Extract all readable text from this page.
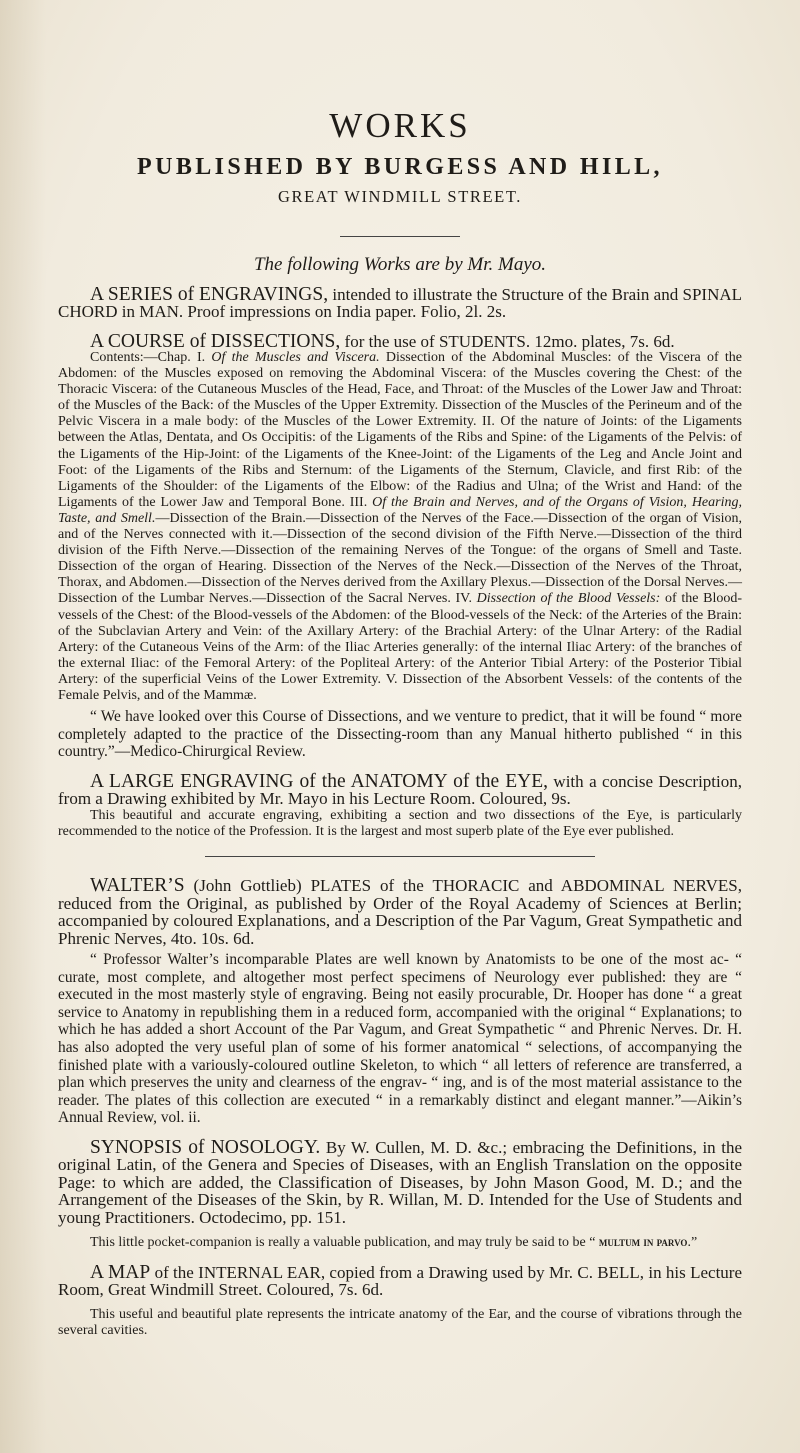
WORKS
PUBLISHED BY BURGESS AND HILL,
GREAT WINDMILL STREET.
The following Works are by Mr. Mayo.

A SERIES of ENGRAVINGS, intended to illustrate the Structure of the Brain and SPINAL CHORD in MAN. Proof impressions on India paper. Folio, 2l. 2s.

A COURSE of DISSECTIONS, for the use of STUDENTS. 12mo. plates, 7s. 6d.

Contents:—Chap. I. Of the Muscles and Viscera. Dissection of the Abdominal Muscles: of the Viscera of the Abdomen: of the Muscles exposed on removing the Abdominal Viscera: of the Muscles covering the Chest: of the Thoracic Viscera: of the Cutaneous Muscles of the Head, Face, and Throat: of the Muscles of the Lower Jaw and Throat: of the Muscles of the Back: of the Muscles of the Upper Extremity. Dissection of the Muscles of the Perineum and of the Pelvic Viscera in a male body: of the Muscles of the Lower Extremity. II. Of the nature of Joints: of the Ligaments between the Atlas, Dentata, and Os Occipitis: of the Ligaments of the Ribs and Spine: of the Ligaments of the Pelvis: of the Ligaments of the Hip-Joint: of the Ligaments of the Knee-Joint: of the Ligaments of the Leg and Ancle Joint and Foot: of the Ligaments of the Ribs and Sternum: of the Ligaments of the Sternum, Clavicle, and first Rib: of the Ligaments of the Shoulder: of the Ligaments of the Elbow: of the Radius and Ulna; of the Wrist and Hand: of the Ligaments of the Lower Jaw and Temporal Bone. III. Of the Brain and Nerves, and of the Organs of Vision, Hearing, Taste, and Smell.—Dissection of the Brain.—Dissection of the Nerves of the Face.—Dissection of the organ of Vision, and of the Nerves connected with it.—Dissection of the second division of the Fifth Nerve.—Dissection of the third division of the Fifth Nerve.—Dissection of the remaining Nerves of the Tongue: of the organs of Smell and Taste. Dissection of the organ of Hearing. Dissection of the Nerves of the Neck.—Dissection of the Nerves of the Throat, Thorax, and Abdomen.—Dissection of the Nerves derived from the Axillary Plexus.—Dissection of the Dorsal Nerves.—Dissection of the Lumbar Nerves.—Dissection of the Sacral Nerves. IV. Dissection of the Blood Vessels: of the Blood-vessels of the Chest: of the Blood-vessels of the Abdomen: of the Blood-vessels of the Neck: of the Arteries of the Brain: of the Subclavian Artery and Vein: of the Axillary Artery: of the Brachial Artery: of the Ulnar Artery: of the Radial Artery: of the Cutaneous Veins of the Arm: of the Iliac Arteries generally: of the internal Iliac Artery: of the branches of the external Iliac: of the Femoral Artery: of the Popliteal Artery: of the Anterior Tibial Artery: of the Posterior Tibial Artery: of the superficial Veins of the Lower Extremity. V. Dissection of the Absorbent Vessels: of the contents of the Female Pelvis, and of the Mammæ.

“ We have looked over this Course of Dissections, and we venture to predict, that it will be found “ more completely adapted to the practice of the Dissecting-room than any Manual hitherto published “ in this country.”—Medico-Chirurgical Review.

A LARGE ENGRAVING of the ANATOMY of the EYE, with a concise Description, from a Drawing exhibited by Mr. Mayo in his Lecture Room. Coloured, 9s.

This beautiful and accurate engraving, exhibiting a section and two dissections of the Eye, is particularly recommended to the notice of the Profession. It is the largest and most superb plate of the Eye ever published.

WALTER’S (John Gottlieb) PLATES of the THORACIC and ABDOMINAL NERVES, reduced from the Original, as published by Order of the Royal Academy of Sciences at Berlin; accompanied by coloured Explanations, and a Description of the Par Vagum, Great Sympathetic and Phrenic Nerves, 4to. 10s. 6d.

“ Professor Walter’s incomparable Plates are well known by Anatomists to be one of the most ac- “ curate, most complete, and altogether most perfect specimens of Neurology ever published: they are “ executed in the most masterly style of engraving. Being not easily procurable, Dr. Hooper has done “ a great service to Anatomy in republishing them in a reduced form, accompanied with the original “ Explanations; to which he has added a short Account of the Par Vagum, and Great Sympathetic “ and Phrenic Nerves. Dr. H. has also adopted the very useful plan of some of his former anatomical “ selections, of accompanying the finished plate with a variously-coloured outline Skeleton, to which “ all letters of reference are transferred, a plan which preserves the unity and clearness of the engrav- “ ing, and is of the most material assistance to the reader. The plates of this collection are executed “ in a remarkably distinct and elegant manner.”—Aikin’s Annual Review, vol. ii.

SYNOPSIS of NOSOLOGY. By W. Cullen, M. D. &c.; embracing the Definitions, in the original Latin, of the Genera and Species of Diseases, with an English Translation on the opposite Page: to which are added, the Classification of Diseases, by John Mason Good, M. D.; and the Arrangement of the Diseases of the Skin, by R. Willan, M. D. Intended for the Use of Students and young Practitioners. Octodecimo, pp. 151.

This little pocket-companion is really a valuable publication, and may truly be said to be “ multum in parvo.”

A MAP of the INTERNAL EAR, copied from a Drawing used by Mr. C. BELL, in his Lecture Room, Great Windmill Street. Coloured, 7s. 6d.

This useful and beautiful plate represents the intricate anatomy of the Ear, and the course of vibrations through the several cavities.
